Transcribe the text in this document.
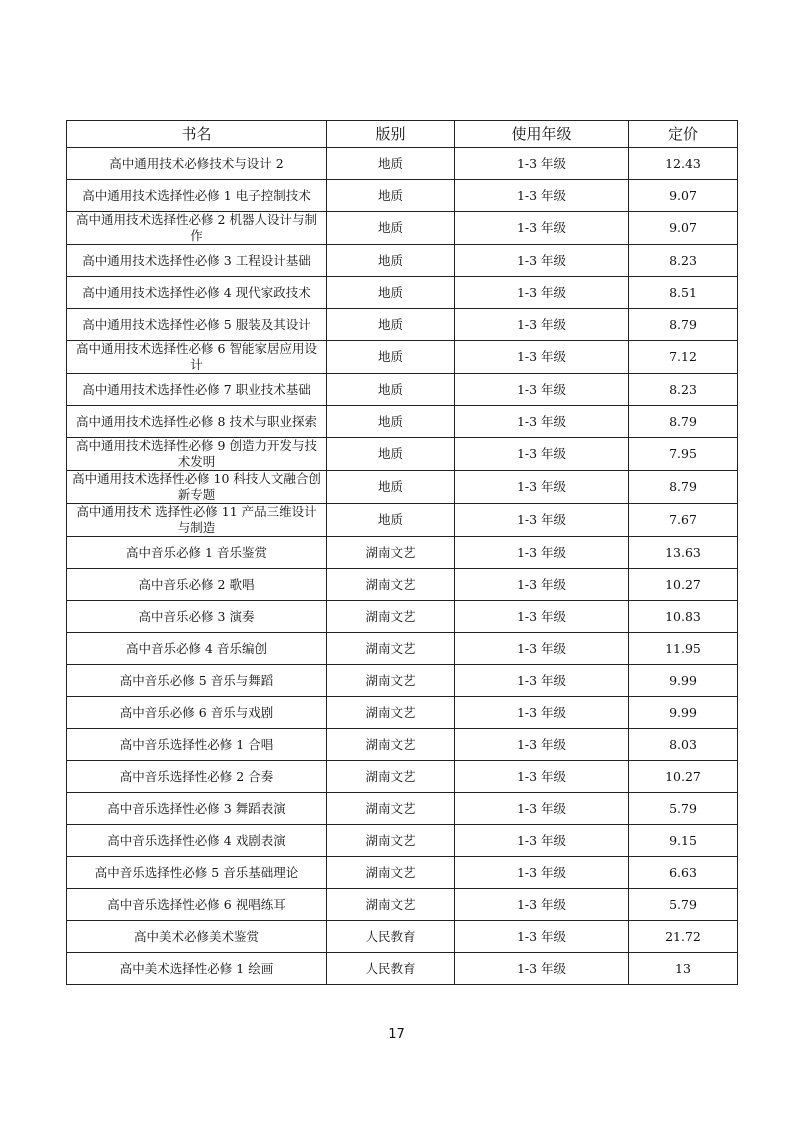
书名	版别	使用年级	定价
高中通用技术必修技术与设计 2	地质	1-3 年级	12.43
高中通用技术选择性必修 1 电子控制技术	地质	1-3 年级	9.07
高中通用技术选择性必修 2 机器人设计与制作	地质	1-3 年级	9.07
高中通用技术选择性必修 3 工程设计基础	地质	1-3 年级	8.23
高中通用技术选择性必修 4 现代家政技术	地质	1-3 年级	8.51
高中通用技术选择性必修 5 服装及其设计	地质	1-3 年级	8.79
高中通用技术选择性必修 6 智能家居应用设计	地质	1-3 年级	7.12
高中通用技术选择性必修 7 职业技术基础	地质	1-3 年级	8.23
高中通用技术选择性必修 8 技术与职业探索	地质	1-3 年级	8.79
高中通用技术选择性必修 9 创造力开发与技术发明	地质	1-3 年级	7.95
高中通用技术选择性必修 10 科技人文融合创新专题	地质	1-3 年级	8.79
高中通用技术 选择性必修 11 产品三维设计与制造	地质	1-3 年级	7.67
高中音乐必修 1 音乐鉴赏	湖南文艺	1-3 年级	13.63
高中音乐必修 2 歌唱	湖南文艺	1-3 年级	10.27
高中音乐必修 3 演奏	湖南文艺	1-3 年级	10.83
高中音乐必修 4 音乐编创	湖南文艺	1-3 年级	11.95
高中音乐必修 5 音乐与舞蹈	湖南文艺	1-3 年级	9.99
高中音乐必修 6 音乐与戏剧	湖南文艺	1-3 年级	9.99
高中音乐选择性必修 1 合唱	湖南文艺	1-3 年级	8.03
高中音乐选择性必修 2 合奏	湖南文艺	1-3 年级	10.27
高中音乐选择性必修 3 舞蹈表演	湖南文艺	1-3 年级	5.79
高中音乐选择性必修 4 戏剧表演	湖南文艺	1-3 年级	9.15
高中音乐选择性必修 5 音乐基础理论	湖南文艺	1-3 年级	6.63
高中音乐选择性必修 6 视唱练耳	湖南文艺	1-3 年级	5.79
高中美术必修美术鉴赏	人民教育	1-3 年级	21.72
高中美术选择性必修 1 绘画	人民教育	1-3 年级	13
17
